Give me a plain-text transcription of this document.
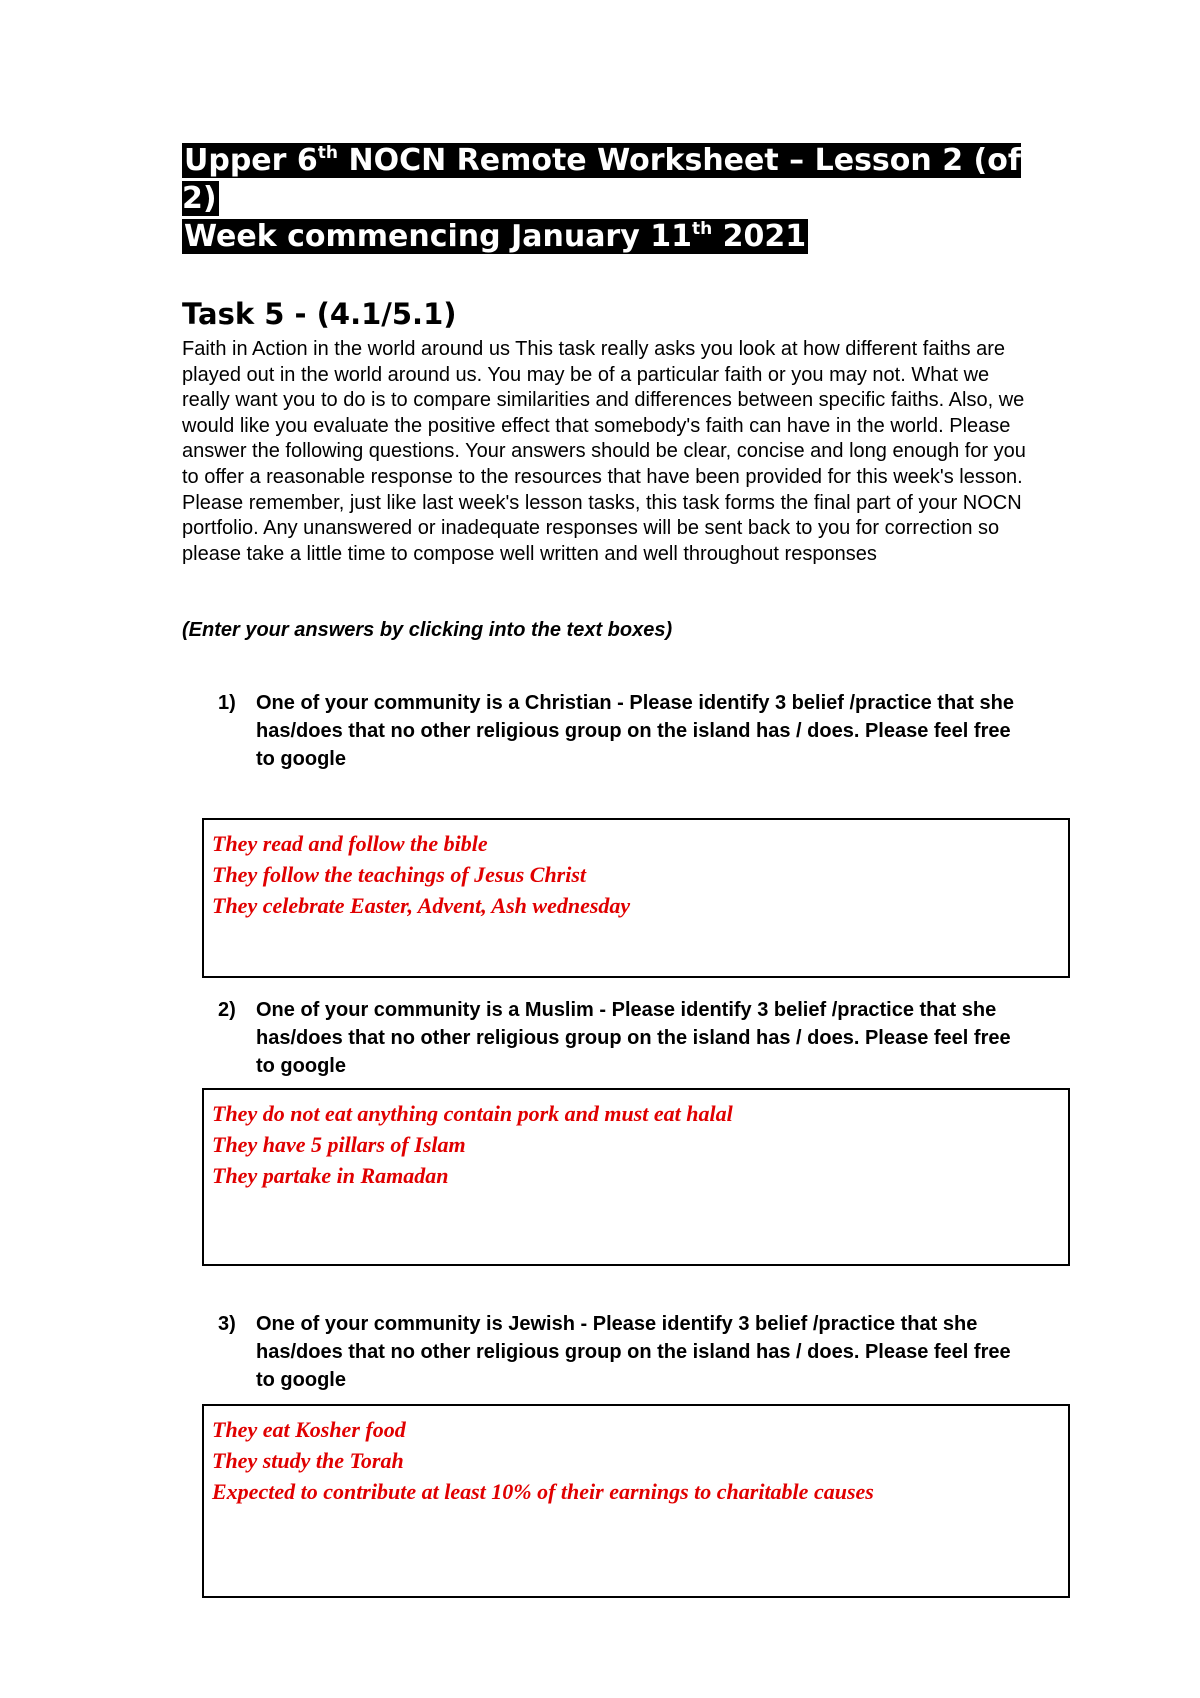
Upper 6th NOCN Remote Worksheet – Lesson 2 (of 2)
Week commencing January 11th 2021
Task 5 - (4.1/5.1)
Faith in Action in the world around us This task really asks you look at how different faiths are played out in the world around us. You may be of a particular faith or you may not. What we really want you to do is to compare similarities and differences between specific faiths. Also, we would like you evaluate the positive effect that somebody's faith can have in the world. Please answer the following questions. Your answers should be clear, concise and long enough for you to offer a reasonable response to the resources that have been provided for this week's lesson. Please remember, just like last week's lesson tasks, this task forms the final part of your NOCN portfolio. Any unanswered or inadequate responses will be sent back to you for correction so please take a little time to compose well written and well throughout responses
(Enter your answers by clicking into the text boxes)
1)	One of your community is a Christian - Please identify 3 belief /practice that she has/does that no other religious group on the island has / does. Please feel free to google
They read and follow the bible
They follow the teachings of Jesus Christ
They celebrate Easter, Advent, Ash wednesday
2)	One of your community is a Muslim - Please identify 3 belief /practice that she has/does that no other religious group on the island has / does. Please feel free to google
They do not eat anything contain pork and must eat halal
They have 5 pillars of Islam
They partake in Ramadan
3)	One of your community is Jewish - Please identify 3 belief /practice that she has/does that no other religious group on the island has / does. Please feel free to google
They eat Kosher food
They study the Torah
Expected to contribute at least 10% of their earnings to charitable causes
